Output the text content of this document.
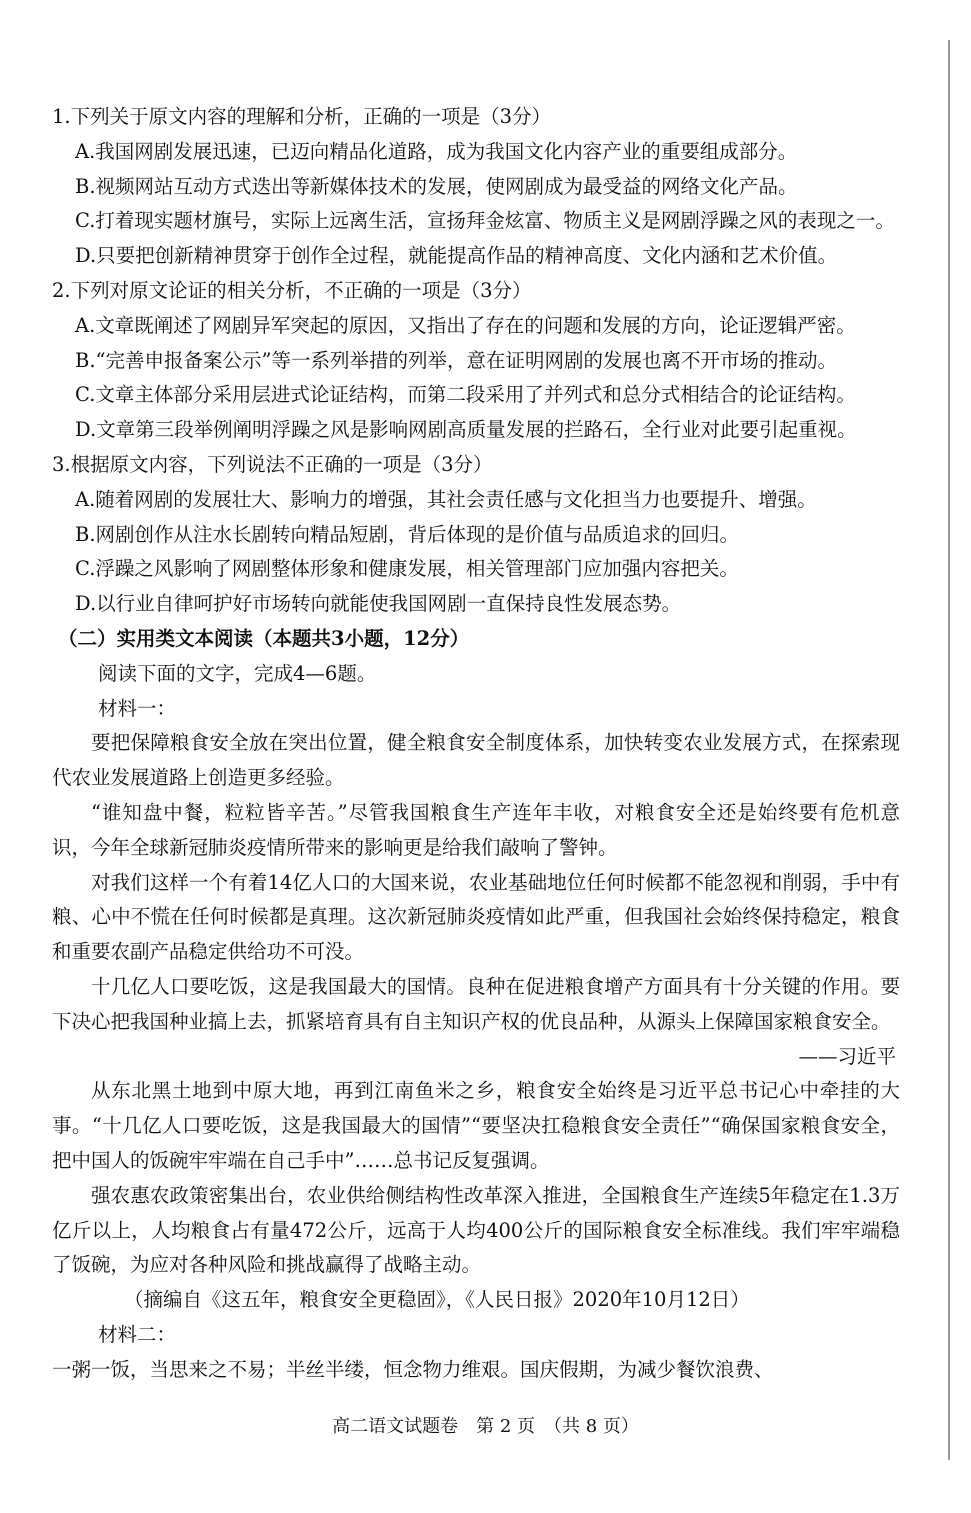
1.下列关于原文内容的理解和分析，正确的一项是（3分）

A.我国网剧发展迅速，已迈向精品化道路，成为我国文化内容产业的重要组成部分。

B.视频网站互动方式迭出等新媒体技术的发展，使网剧成为最受益的网络文化产品。

C.打着现实题材旗号，实际上远离生活，宣扬拜金炫富、物质主义是网剧浮躁之风的表现之一。

D.只要把创新精神贯穿于创作全过程，就能提高作品的精神高度、文化内涵和艺术价值。

2.下列对原文论证的相关分析，不正确的一项是（3分）

A.文章既阐述了网剧异军突起的原因，又指出了存在的问题和发展的方向，论证逻辑严密。

B.“完善申报备案公示”等一系列举措的列举，意在证明网剧的发展也离不开市场的推动。

C.文章主体部分采用层进式论证结构，而第二段采用了并列式和总分式相结合的论证结构。

D.文章第三段举例阐明浮躁之风是影响网剧高质量发展的拦路石，全行业对此要引起重视。

3.根据原文内容，下列说法不正确的一项是（3分）

A.随着网剧的发展壮大、影响力的增强，其社会责任感与文化担当力也要提升、增强。

B.网剧创作从注水长剧转向精品短剧，背后体现的是价值与品质追求的回归。

C.浮躁之风影响了网剧整体形象和健康发展，相关管理部门应加强内容把关。

D.以行业自律呵护好市场转向就能使我国网剧一直保持良性发展态势。

（二）实用类文本阅读（本题共3小题，12分）

阅读下面的文字，完成4—6题。

材料一：

要把保障粮食安全放在突出位置，健全粮食安全制度体系，加快转变农业发展方式，在探索现代农业发展道路上创造更多经验。

“谁知盘中餐，粒粒皆辛苦。”尽管我国粮食生产连年丰收，对粮食安全还是始终要有危机意识，今年全球新冠肺炎疫情所带来的影响更是给我们敲响了警钟。

对我们这样一个有着14亿人口的大国来说，农业基础地位任何时候都不能忽视和削弱，手中有粮、心中不慌在任何时候都是真理。这次新冠肺炎疫情如此严重，但我国社会始终保持稳定，粮食和重要农副产品稳定供给功不可没。

十几亿人口要吃饭，这是我国最大的国情。良种在促进粮食增产方面具有十分关键的作用。要下决心把我国种业搞上去，抓紧培育具有自主知识产权的优良品种，从源头上保障国家粮食安全。

——习近平

从东北黑土地到中原大地，再到江南鱼米之乡，粮食安全始终是习近平总书记心中牵挂的大事。“十几亿人口要吃饭，这是我国最大的国情”“要坚决扛稳粮食安全责任”“确保国家粮食安全，把中国人的饭碗牢牢端在自己手中”……总书记反复强调。

强农惠农政策密集出台，农业供给侧结构性改革深入推进，全国粮食生产连续5年稳定在1.3万亿斤以上，人均粮食占有量472公斤，远高于人均400公斤的国际粮食安全标准线。我们牢牢端稳了饭碗，为应对各种风险和挑战赢得了战略主动。

（摘编自《这五年，粮食安全更稳固》，《人民日报》2020年10月12日）

材料二：

一粥一饭，当思来之不易；半丝半缕，恒念物力维艰。国庆假期，为减少餐饮浪费、

高二语文试题卷　第 2 页　（共 8 页）
